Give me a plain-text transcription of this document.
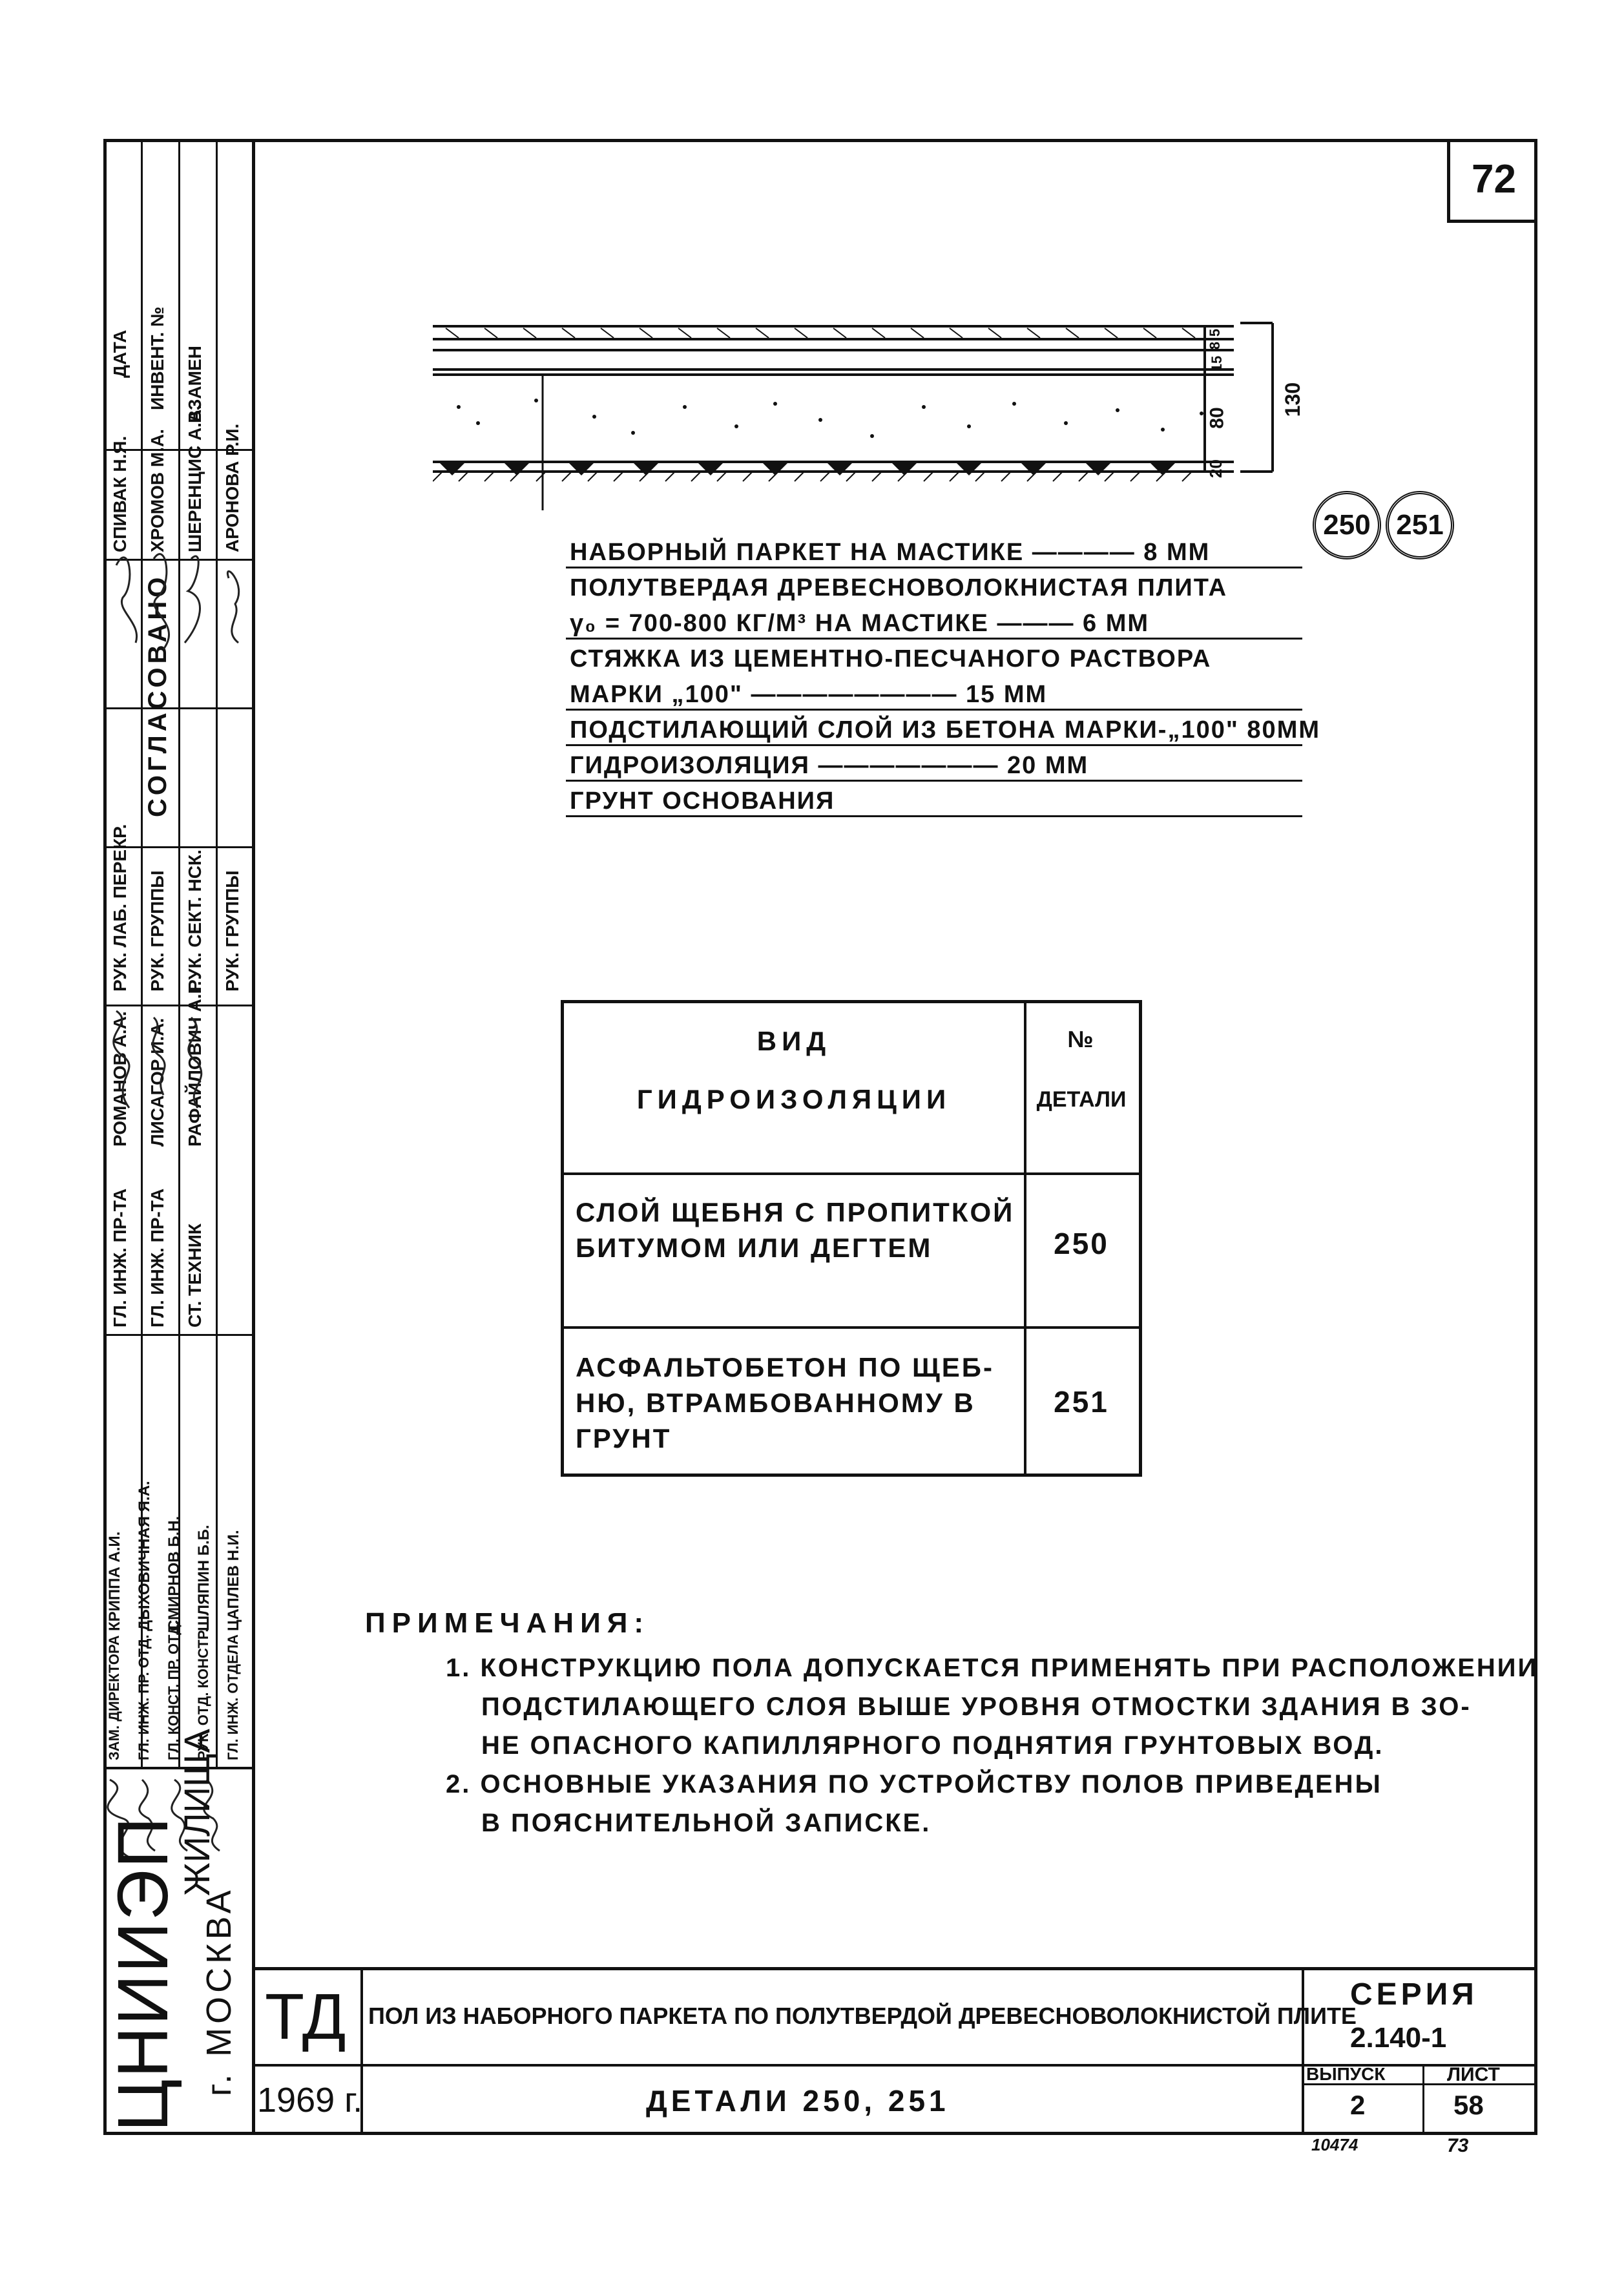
72
ДАТА ИНВЕНТ. № ВЗАМЕН
СОГЛАСОВАНО
СПИВАК Н.Я. ХРОМОВ М.А. ШЕРЕНЦИС А.А. АРОНОВА Р.И.
РУК. ЛАБ. ПЕРЕКР. РУК. ГРУППЫ РУК. СЕКТ. НСК. РУК. ГРУППЫ
РОМАНОВ А.А. ЛИСАГОР И.А. РАФАЙЛОВИЧ А.Г.
ГЛ. ИНЖ. ПР-ТА ГЛ. ИНЖ. ПР-ТА СТ. ТЕХНИК
КРИППА А.И. ДЫХОВИЧНАЯ Я.А. СМИРНОВ Б.Н. ШЛЯПИН Б.Б. ЦАПЛЕВ Н.И.
ЗАМ. ДИРЕКТОРА ГЛ. ИНЖ. ПР. ОТД. ГЛ. КОНСТ. ПР. ОТД. РУК. ОТД. КОНСТР. ГЛ. ИНЖ. ОТДЕЛА
ЦНИИЭП
ЖИЛИЩА
г. МОСКВА
8
15
5
80
20
130
250 251
НАБОРНЫЙ ПАРКЕТ НА МАСТИКЕ ———— 8 ММ
ПОЛУТВЕРДАЯ ДРЕВЕСНОВОЛОКНИСТАЯ ПЛИТА
γ₀ = 700-800 КГ/М³ НА МАСТИКЕ ——— 6 ММ
СТЯЖКА ИЗ ЦЕМЕНТНО-ПЕСЧАНОГО РАСТВОРА
МАРКИ „100" ———————— 15 ММ
ПОДСТИЛАЮЩИЙ СЛОЙ ИЗ БЕТОНА МАРКИ-„100" 80ММ
ГИДРОИЗОЛЯЦИЯ ——————— 20 ММ
ГРУНТ ОСНОВАНИЯ
ВИД
ГИДРОИЗОЛЯЦИИ
№
ДЕТАЛИ
СЛОЙ ЩЕБНЯ С ПРОПИТКОЙ
БИТУМОМ ИЛИ ДЕГТЕМ	250
АСФАЛЬТОБЕТОН ПО ЩЕБ-
НЮ, ВТРАМБОВАННОМУ В
ГРУНТ
251
ПРИМЕЧАНИЯ:
1. КОНСТРУКЦИЮ ПОЛА ДОПУСКАЕТСЯ ПРИМЕНЯТЬ ПРИ РАСПОЛОЖЕНИИ
ПОДСТИЛАЮЩЕГО СЛОЯ ВЫШЕ УРОВНЯ ОТМОСТКИ ЗДАНИЯ В ЗО-
НЕ ОПАСНОГО КАПИЛЛЯРНОГО ПОДНЯТИЯ ГРУНТОВЫХ ВОД.
2. ОСНОВНЫЕ УКАЗАНИЯ ПО УСТРОЙСТВУ ПОЛОВ ПРИВЕДЕНЫ
В ПОЯСНИТЕЛЬНОЙ ЗАПИСКЕ.
ТД
1969 г.
ПОЛ ИЗ НАБОРНОГО ПАРКЕТА ПО ПОЛУТВЕРДОЙ ДРЕВЕСНОВОЛОКНИСТОЙ ПЛИТЕ
ДЕТАЛИ 250, 251
СЕРИЯ
2.140-1
ВЫПУСК
2
ЛИСТ
58
10474	73
